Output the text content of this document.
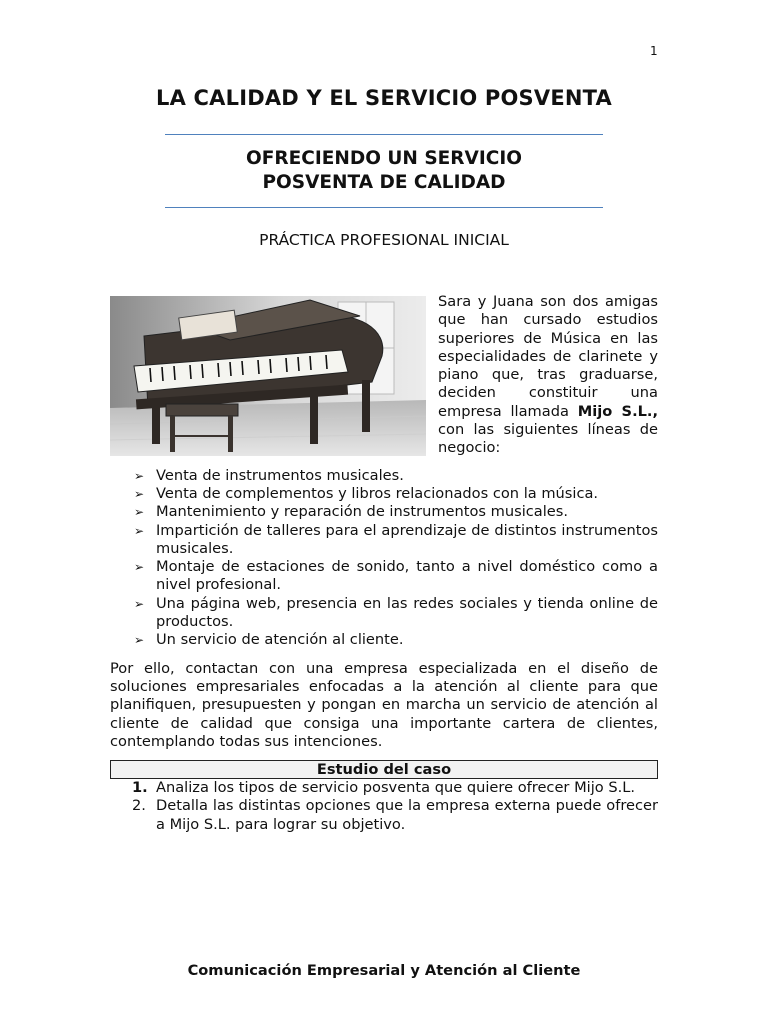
1
LA CALIDAD Y EL SERVICIO POSVENTA
OFRECIENDO UN SERVICIO
POSVENTA DE CALIDAD
PRÁCTICA PROFESIONAL INICIAL

Sara y Juana son dos amigas que han cursado estudios superiores de Música en las especialidades de clarinete y piano que, tras graduarse, deciden constituir una empresa llamada Mijo S.L., con las siguientes líneas de negocio:

➢ Venta de instrumentos musicales.
➢ Venta de complementos y libros relacionados con la música.
➢ Mantenimiento y reparación de instrumentos musicales.
➢ Impartición de talleres para el aprendizaje de distintos instrumentos musicales.
➢ Montaje de estaciones de sonido, tanto a nivel doméstico como a nivel profesional.
➢ Una página web, presencia en las redes sociales y tienda online de productos.
➢ Un servicio de atención al cliente.

Por ello, contactan con una empresa especializada en el diseño de soluciones empresariales enfocadas a la atención al cliente para que planifiquen, presupuesten y pongan en marcha un servicio de atención al cliente de calidad que consiga una importante cartera de clientes, contemplando todas sus intenciones.

Estudio del caso
1. Analiza los tipos de servicio posventa que quiere ofrecer Mijo S.L.
2. Detalla las distintas opciones que la empresa externa puede ofrecer a Mijo S.L. para lograr su objetivo.
Comunicación Empresarial y Atención al Cliente
